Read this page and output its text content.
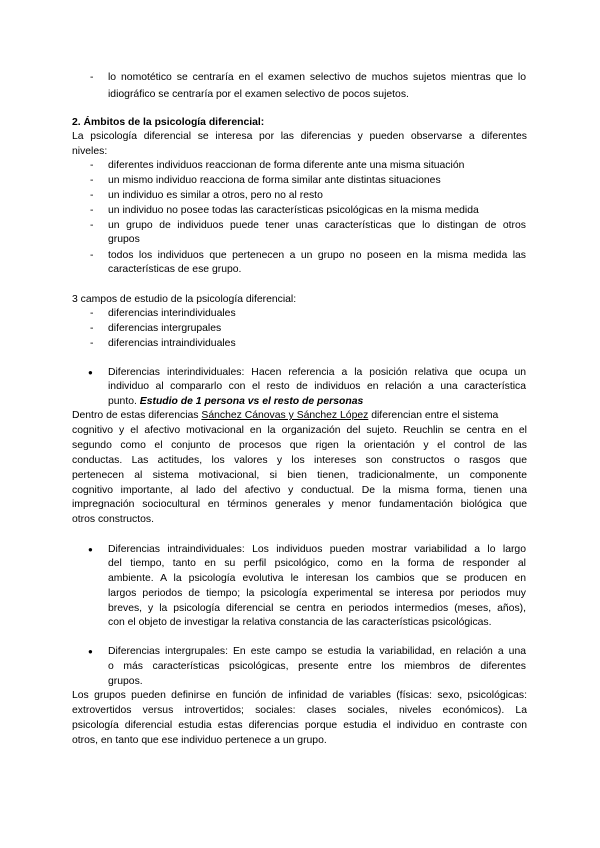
- lo nomotético se centraría en el examen selectivo de muchos sujetos mientras que lo
idiográfico se centraría por el examen selectivo de pocos sujetos.
2. Ámbitos de la psicología diferencial:
La psicología diferencial se interesa por las diferencias y pueden observarse a diferentes
niveles:
- diferentes individuos reaccionan de forma diferente ante una misma situación
- un mismo individuo reacciona de forma similar ante distintas situaciones
- un individuo es similar a otros, pero no al resto
- un individuo no posee todas las características psicológicas en la misma medida
- un grupo de individuos puede tener unas características que lo distingan de otros
grupos
- todos los individuos que pertenecen a un grupo no poseen en la misma medida las
características de ese grupo.
3 campos de estudio de la psicología diferencial:
- diferencias interindividuales
- diferencias intergrupales
- diferencias intraindividuales
● Diferencias interindividuales: Hacen referencia a la posición relativa que ocupa un
individuo al compararlo con el resto de individuos en relación a una característica
punto. Estudio de 1 persona vs el resto de personas
Dentro de estas diferencias Sánchez Cánovas y Sánchez López diferencian entre el sistema
cognitivo y el afectivo motivacional en la organización del sujeto. Reuchlin se centra en el
segundo como el conjunto de procesos que rigen la orientación y el control de las
conductas. Las actitudes, los valores y los intereses son constructos o rasgos que
pertenecen al sistema motivacional, si bien tienen, tradicionalmente, un componente
cognitivo importante, al lado del afectivo y conductual. De la misma forma, tienen una
impregnación sociocultural en términos generales y menor fundamentación biológica que
otros constructos.
● Diferencias intraindividuales: Los individuos pueden mostrar variabilidad a lo largo
del tiempo, tanto en su perfil psicológico, como en la forma de responder al
ambiente. A la psicología evolutiva le interesan los cambios que se producen en
largos periodos de tiempo; la psicología experimental se interesa por periodos muy
breves, y la psicología diferencial se centra en periodos intermedios (meses, años),
con el objeto de investigar la relativa constancia de las características psicológicas.
● Diferencias intergrupales: En este campo se estudia la variabilidad, en relación a una
o más características psicológicas, presente entre los miembros de diferentes
grupos.
Los grupos pueden definirse en función de infinidad de variables (físicas: sexo, psicológicas:
extrovertidos versus introvertidos; sociales: clases sociales, niveles económicos). La
psicología diferencial estudia estas diferencias porque estudia el individuo en contraste con
otros, en tanto que ese individuo pertenece a un grupo.
